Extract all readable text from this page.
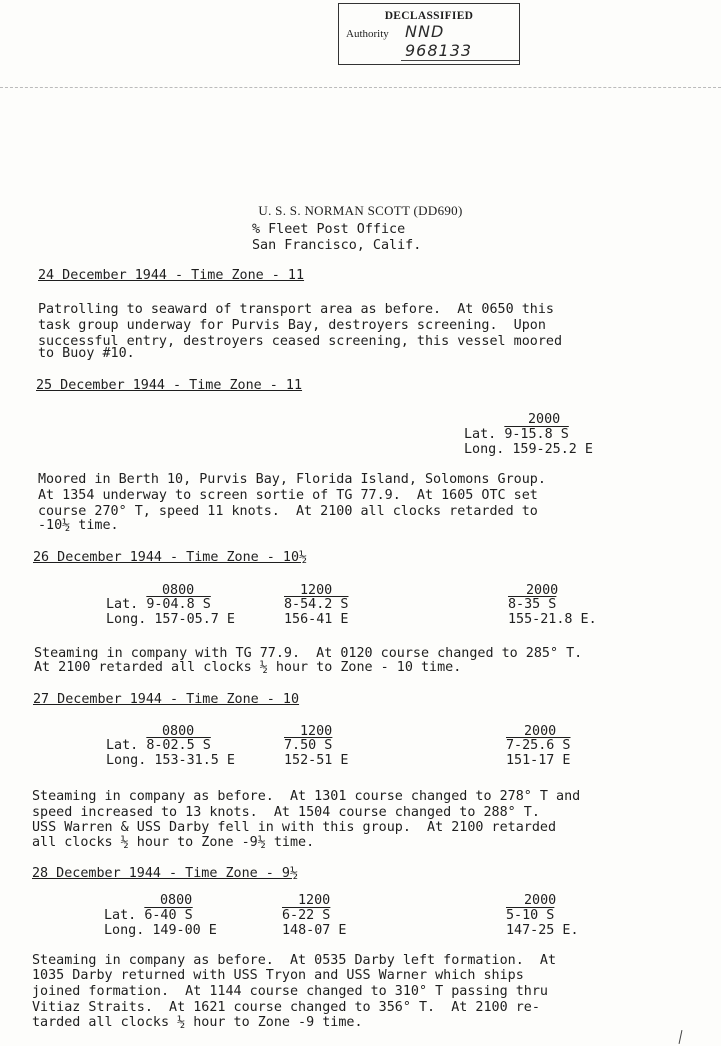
DECLASSIFIED
Authority NND 968133
U. S. S. NORMAN SCOTT (DD690)
% Fleet Post Office
San Francisco, Calif.
24 December 1944 - Time Zone - 11
Patrolling to seaward of transport area as before.  At 0650 this
task group underway for Purvis Bay, destroyers screening.  Upon
successful entry, destroyers ceased screening, this vessel moored
to Buoy #10.
25 December 1944 - Time Zone - 11
2000
Lat. 9-15.8 S
Long. 159-25.2 E
Moored in Berth 10, Purvis Bay, Florida Island, Solomons Group.
At 1354 underway to screen sortie of TG 77.9.  At 1605 OTC set
course 270° T, speed 11 knots.  At 2100 all clocks retarded to
-10½ time.
26 December 1944 - Time Zone - 10½
0800
Lat. 9-04.8 S
Long. 157-05.7 E
1200
8-54.2 S
156-41 E
2000
8-35 S
155-21.8 E.
Steaming in company with TG 77.9.  At 0120 course changed to 285° T.
At 2100 retarded all clocks ½ hour to Zone - 10 time.
27 December 1944 - Time Zone - 10
0800
Lat. 8-02.5 S
Long. 153-31.5 E
1200
7.50 S
152-51 E
2000
7-25.6 S
151-17 E
Steaming in company as before.  At 1301 course changed to 278° T and
speed increased to 13 knots.  At 1504 course changed to 288° T.
USS Warren & USS Darby fell in with this group.  At 2100 retarded
all clocks ½ hour to Zone -9½ time.
28 December 1944 - Time Zone - 9½
0800
Lat. 6-40 S
Long. 149-00 E
1200
6-22 S
148-07 E
2000
5-10 S
147-25 E.
Steaming in company as before.  At 0535 Darby left formation.  At
1035 Darby returned with USS Tryon and USS Warner which ships
joined formation.  At 1144 course changed to 310° T passing thru
Vitiaz Straits.  At 1621 course changed to 356° T.  At 2100 re-
tarded all clocks ½ hour to Zone -9 time.
